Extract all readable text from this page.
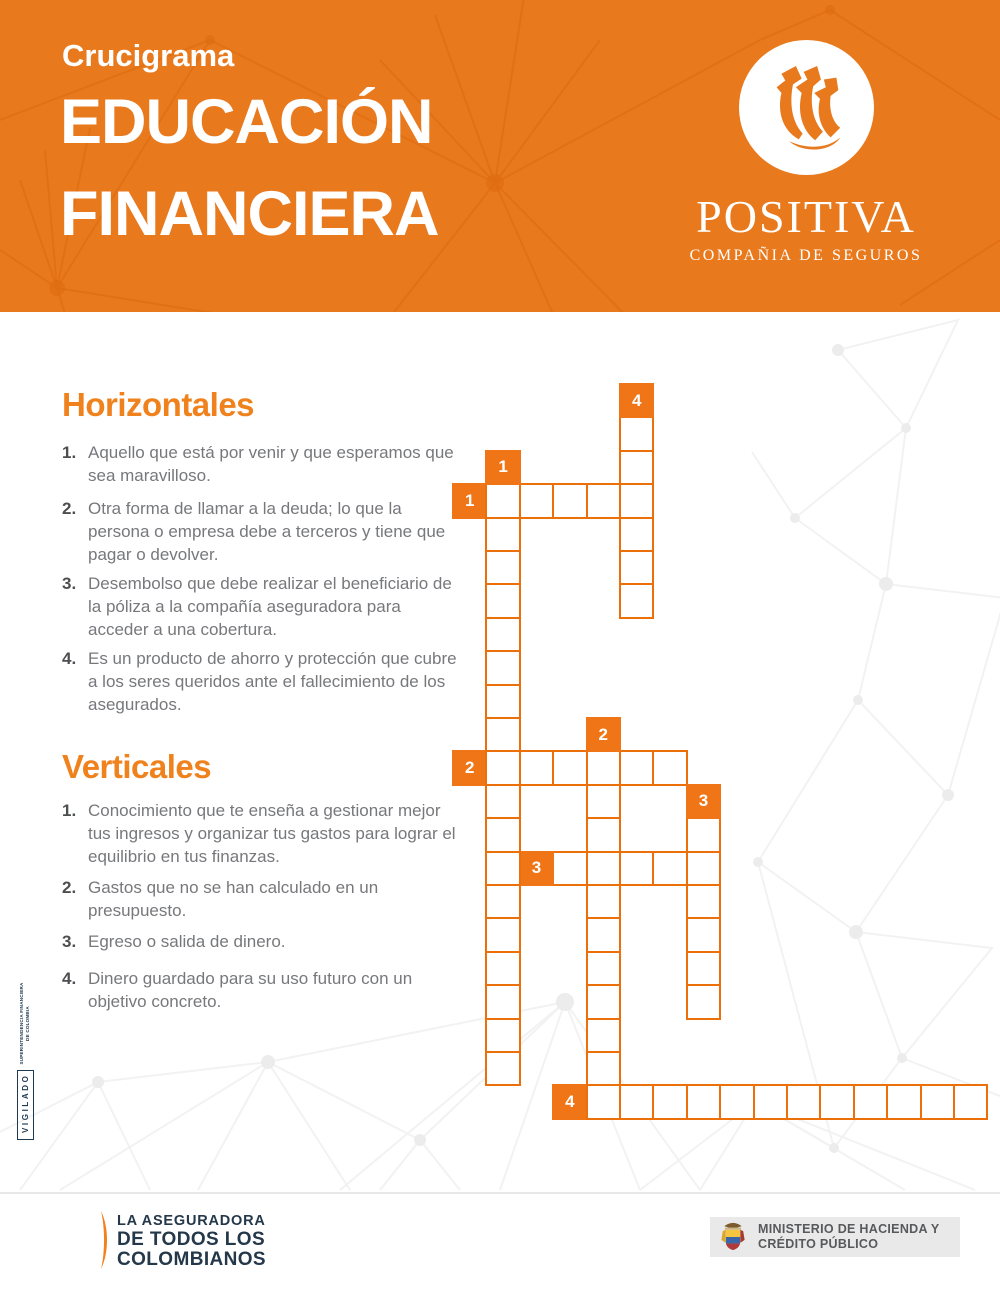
Crucigrama
EDUCACIÓN
FINANCIERA	POSITIVA
COMPAÑIA DE SEGUROS
Horizontales
1. Aquello que está por venir y que esperamos que sea maravilloso.
2. Otra forma de llamar a la deuda; lo que la persona o empresa debe a terceros y tiene que pagar o devolver.
3. Desembolso que debe realizar el beneficiario de la póliza a la compañía aseguradora para acceder a una cobertura.
4. Es un producto de ahorro y protección que cubre a los seres queridos ante el fallecimiento de los asegurados.
Verticales
1. Conocimiento que te enseña a gestionar mejor tus ingresos y organizar tus gastos para lograr el equilibrio en tus finanzas.
2. Gastos que no se han calculado en un presupuesto.
3. Egreso o salida de dinero.
4. Dinero guardado para su uso futuro con un objetivo concreto.
1
2
3
4
1
2
3
4
VIGILADO
SUPERINTENDENCIA FINANCIERA
DE COLOMBIA
LA ASEGURADORA
DE TODOS LOS
COLOMBIANOS
MINISTERIO DE HACIENDA Y
CRÉDITO PÚBLICO
